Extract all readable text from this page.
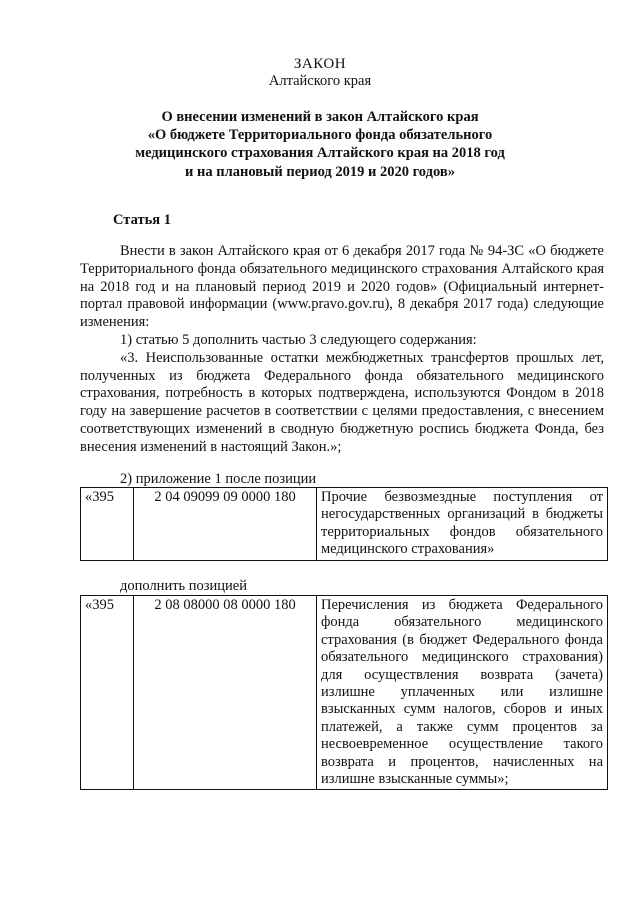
ЗАКОН
Алтайского края
О внесении изменений в закон Алтайского края
«О бюджете Территориального фонда обязательного
медицинского страхования Алтайского края на 2018 год
и на плановый период 2019 и 2020 годов»
Статья 1

Внести в закон Алтайского края от 6 декабря 2017 года № 94-ЗС «О бюджете Территориального фонда обязательного медицинского страхования Алтайского края на 2018 год и на плановый период 2019 и 2020 годов» (Официальный интернет-портал правовой информации (www.pravo.gov.ru), 8 декабря 2017 года) следующие изменения:

1) статью 5 дополнить частью 3 следующего содержания:

«3. Неиспользованные остатки межбюджетных трансфертов прошлых лет, полученных из бюджета Федерального фонда обязательного медицинского страхования, потребность в которых подтверждена, используются Фондом в 2018 году на завершение расчетов в соответствии с целями предоставления, с внесением соответствующих изменений в сводную бюджетную роспись бюджета Фонда, без внесения изменений в настоящий Закон.»;

2) приложение 1 после позиции
«395	2 04 09099 09 0000 180	Прочие безвозмездные поступления от негосударственных организаций в бюджеты территориальных фондов обязательного медицинского страхования»
дополнить позицией
«395	2 08 08000 08 0000 180	Перечисления из бюджета Федерального фонда обязательного медицинского страхования (в бюджет Федерального фонда обязательного медицинского страхования) для осуществления возврата (зачета) излишне уплаченных или излишне взысканных сумм налогов, сборов и иных платежей, а также сумм процентов за несвоевременное осуществление такого возврата и процентов, начисленных на излишне взысканные суммы»;
